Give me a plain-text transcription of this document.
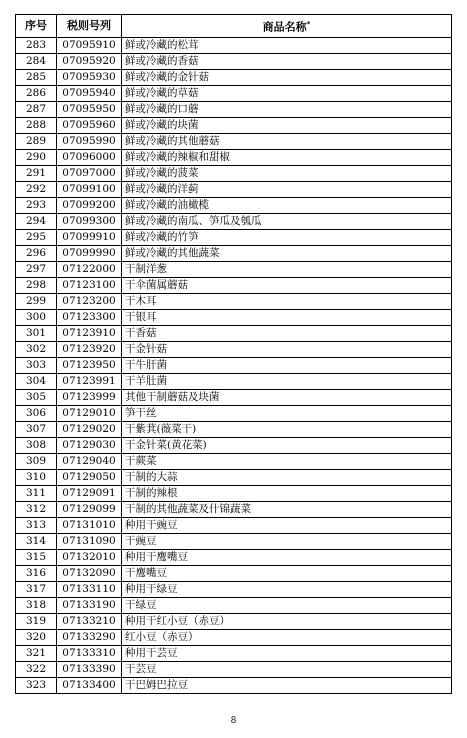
序号	税则号列	商品名称*
283	07095910	鲜或冷藏的松茸
284	07095920	鲜或冷藏的香菇
285	07095930	鲜或冷藏的金针菇
286	07095940	鲜或冷藏的草菇
287	07095950	鲜或冷藏的口蘑
288	07095960	鲜或冷藏的块菌
289	07095990	鲜或冷藏的其他蘑菇
290	07096000	鲜或冷藏的辣椒和甜椒
291	07097000	鲜或冷藏的菠菜
292	07099100	鲜或冷藏的洋蓟
293	07099200	鲜或冷藏的油橄榄
294	07099300	鲜或冷藏的南瓜、笋瓜及瓠瓜
295	07099910	鲜或冷藏的竹笋
296	07099990	鲜或冷藏的其他蔬菜
297	07122000	干制洋葱
298	07123100	干伞菌属蘑菇
299	07123200	干木耳
300	07123300	干银耳
301	07123910	干香菇
302	07123920	干金针菇
303	07123950	干牛肝菌
304	07123991	干羊肚菌
305	07123999	其他干制蘑菇及块菌
306	07129010	笋干丝
307	07129020	干紫萁(薇菜干)
308	07129030	干金针菜(黄花菜)
309	07129040	干蕨菜
310	07129050	干制的大蒜
311	07129091	干制的辣根
312	07129099	干制的其他蔬菜及什锦蔬菜
313	07131010	种用干豌豆
314	07131090	干豌豆
315	07132010	种用干鹰嘴豆
316	07132090	干鹰嘴豆
317	07133110	种用干绿豆
318	07133190	干绿豆
319	07133210	种用干红小豆（赤豆）
320	07133290	红小豆（赤豆）
321	07133310	种用干芸豆
322	07133390	干芸豆
323	07133400	干巴姆巴拉豆
8
